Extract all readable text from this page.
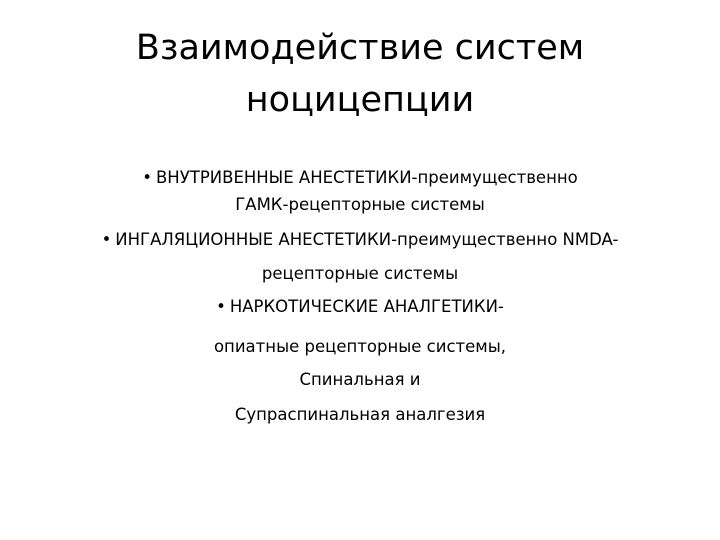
Взаимодействие систем
ноцицепции
• ВНУТРИВЕННЫЕ АНЕСТЕТИКИ-преимущественно
ГАМК-рецепторные системы
• ИНГАЛЯЦИОННЫЕ АНЕСТЕТИКИ-преимущественно NMDA-
рецепторные системы
• НАРКОТИЧЕСКИЕ АНАЛГЕТИКИ-
опиатные рецепторные системы,
Спинальная и
Супраспинальная аналгезия
